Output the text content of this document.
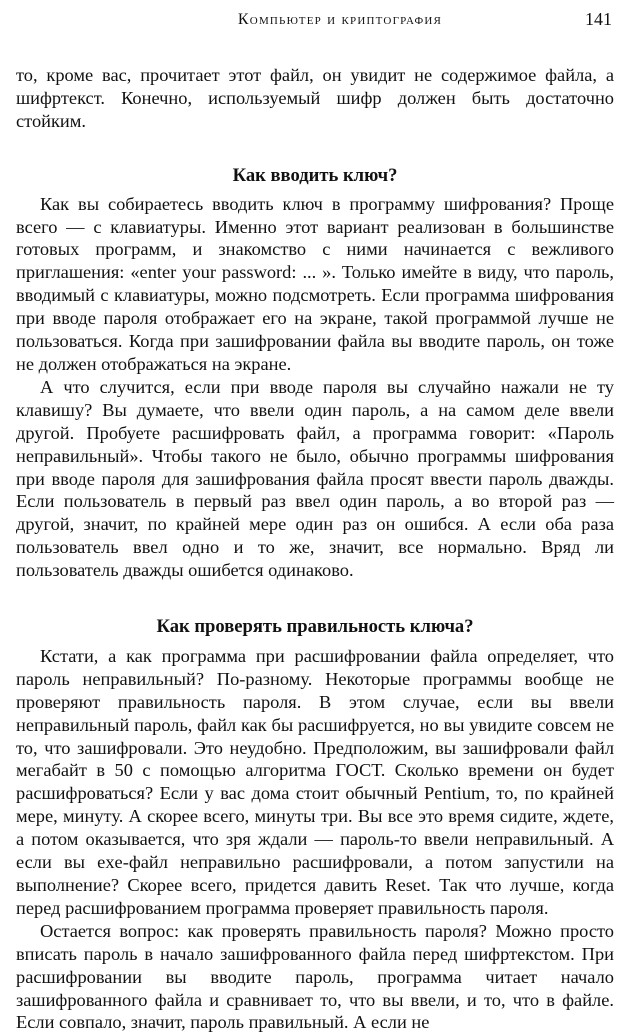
Компьютер и криптография	141

то, кроме вас, прочитает этот файл, он увидит не содержимое файла, а шифртекст. Конечно, используемый шифр должен быть достаточно стойким.

Как вводить ключ?

Как вы собираетесь вводить ключ в программу шифрования? Проще всего — с клавиатуры. Именно этот вариант реализован в большинстве готовых программ, и знакомство с ними начинается с вежливого приглашения: «enter your password: ... ». Только имейте в виду, что пароль, вводимый с клавиатуры, можно подсмотреть. Если программа шифрования при вводе пароля отображает его на экране, такой программой лучше не пользоваться. Когда при зашифровании файла вы вводите пароль, он тоже не должен отображаться на экране.

А что случится, если при вводе пароля вы случайно нажали не ту клавишу? Вы думаете, что ввели один пароль, а на самом деле ввели другой. Пробуете расшифровать файл, а программа говорит: «Пароль неправильный». Чтобы такого не было, обычно программы шифрования при вводе пароля для зашифрования файла просят ввести пароль дважды. Если пользователь в первый раз ввел один пароль, а во второй раз — другой, значит, по крайней мере один раз он ошибся. А если оба раза пользователь ввел одно и то же, значит, все нормально. Вряд ли пользователь дважды ошибется одинаково.

Как проверять правильность ключа?

Кстати, а как программа при расшифровании файла определяет, что пароль неправильный? По-разному. Некоторые программы вообще не проверяют правильность пароля. В этом случае, если вы ввели неправильный пароль, файл как бы расшифруется, но вы увидите совсем не то, что зашифровали. Это неудобно. Предположим, вы зашифровали файл мегабайт в 50 с помощью алгоритма ГОСТ. Сколько времени он будет расшифроваться? Если у вас дома стоит обычный Pentium, то, по крайней мере, минуту. А скорее всего, минуты три. Вы все это время сидите, ждете, а потом оказывается, что зря ждали — пароль-то ввели неправильный. А если вы exe-файл неправильно расшифровали, а потом запустили на выполнение? Скорее всего, придется давить Reset. Так что лучше, когда перед расшифрованием программа проверяет правильность пароля.

Остается вопрос: как проверять правильность пароля? Можно просто вписать пароль в начало зашифрованного файла перед шифртекстом. При расшифровании вы вводите пароль, программа читает начало зашифрованного файла и сравнивает то, что вы ввели, и то, что в файле. Если совпало, значит, пароль правильный. А если не
